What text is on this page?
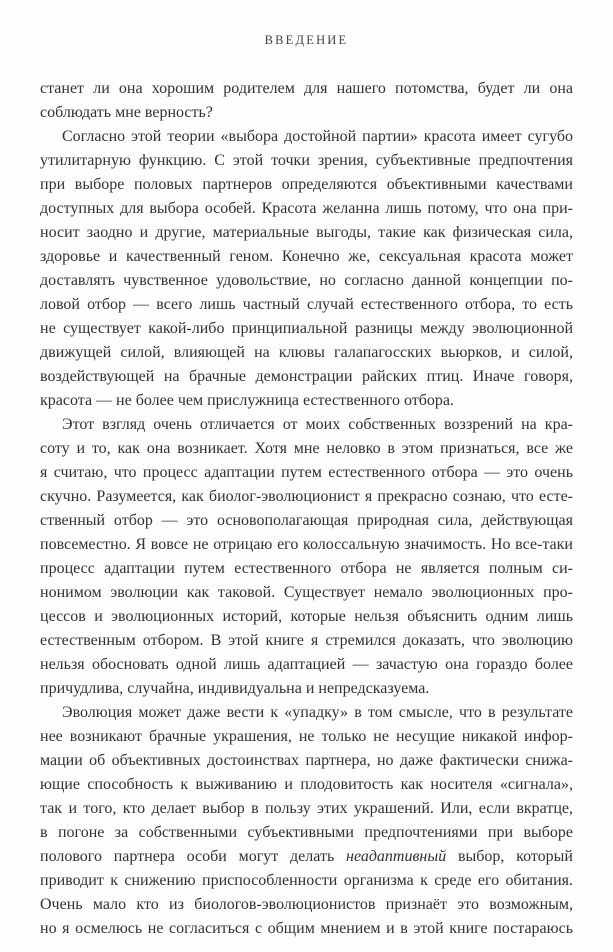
ВВЕДЕНИЕ
станет ли она хорошим родителем для нашего потомства, будет ли она
соблюдать мне верность?
Согласно этой теории «выбора достойной партии» красота имеет сугубо
утилитарную функцию. С этой точки зрения, субъективные предпочтения
при выборе половых партнеров определяются объективными качествами
доступных для выбора особей. Красота желанна лишь потому, что она при-
носит заодно и другие, материальные выгоды, такие как физическая сила,
здоровье и качественный геном. Конечно же, сексуальная красота может
доставлять чувственное удовольствие, но согласно данной концепции по-
ловой отбор — всего лишь частный случай естественного отбора, то есть
не существует какой-либо принципиальной разницы между эволюционной
движущей силой, влияющей на клювы галапагосских вьюрков, и силой,
воздействующей на брачные демонстрации райских птиц. Иначе говоря,
красота — не более чем прислужница естественного отбора.
Этот взгляд очень отличается от моих собственных воззрений на кра-
соту и то, как она возникает. Хотя мне неловко в этом признаться, все же
я считаю, что процесс адаптации путем естественного отбора — это очень
скучно. Разумеется, как биолог-эволюционист я прекрасно сознаю, что есте-
ственный отбор — это основополагающая природная сила, действующая
повсеместно. Я вовсе не отрицаю его колоссальную значимость. Но все-таки
процесс адаптации путем естественного отбора не является полным си-
нонимом эволюции как таковой. Существует немало эволюционных про-
цессов и эволюционных историй, которые нельзя объяснить одним лишь
естественным отбором. В этой книге я стремился доказать, что эволюцию
нельзя обосновать одной лишь адаптацией — зачастую она гораздо более
причудлива, случайна, индивидуальна и непредсказуема.
Эволюция может даже вести к «упадку» в том смысле, что в результате
нее возникают брачные украшения, не только не несущие никакой инфор-
мации об объективных достоинствах партнера, но даже фактически снижа-
ющие способность к выживанию и плодовитость как носителя «сигнала»,
так и того, кто делает выбор в пользу этих украшений. Или, если вкратце,
в погоне за собственными субъективными предпочтениями при выборе
полового партнера особи могут делать неадаптивный выбор, который
приводит к снижению приспособленности организма к среде его обитания.
Очень мало кто из биологов-эволюционистов признаёт это возможным,
но я осмелюсь не согласиться с общим мнением и в этой книге постараюсь
